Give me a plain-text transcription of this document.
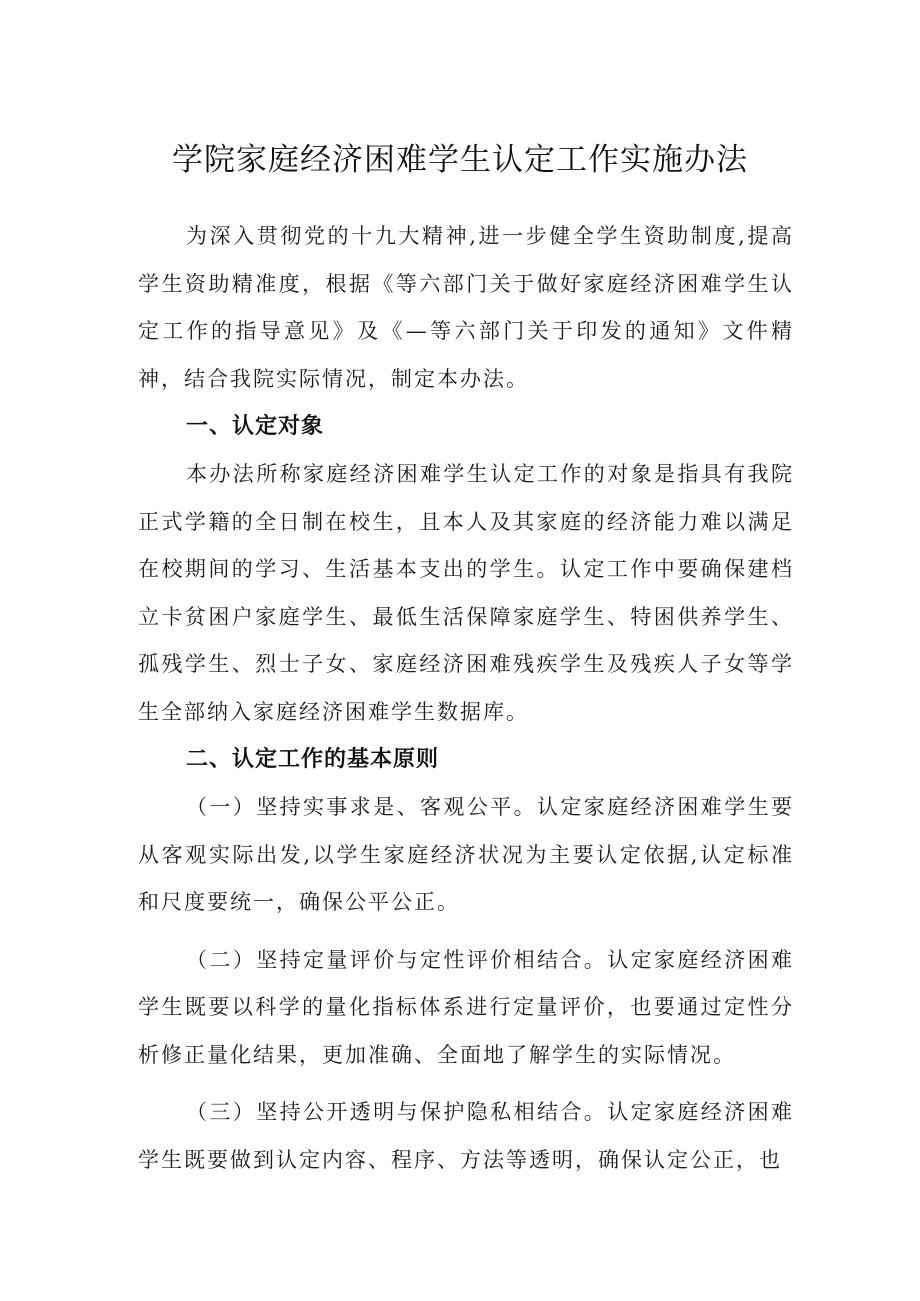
学院家庭经济困难学生认定工作实施办法

为深入贯彻党的十九大精神,进一步健全学生资助制度,提高学生资助精准度，根据《等六部门关于做好家庭经济困难学生认定工作的指导意见》及《—等六部门关于印发的通知》文件精神，结合我院实际情况，制定本办法。

一、认定对象

本办法所称家庭经济困难学生认定工作的对象是指具有我院正式学籍的全日制在校生，且本人及其家庭的经济能力难以满足在校期间的学习、生活基本支出的学生。认定工作中要确保建档立卡贫困户家庭学生、最低生活保障家庭学生、特困供养学生、孤残学生、烈士子女、家庭经济困难残疾学生及残疾人子女等学生全部纳入家庭经济困难学生数据库。

二、认定工作的基本原则

（一）坚持实事求是、客观公平。认定家庭经济困难学生要从客观实际出发,以学生家庭经济状况为主要认定依据,认定标准和尺度要统一，确保公平公正。

（二）坚持定量评价与定性评价相结合。认定家庭经济困难学生既要以科学的量化指标体系进行定量评价，也要通过定性分析修正量化结果，更加准确、全面地了解学生的实际情况。

（三）坚持公开透明与保护隐私相结合。认定家庭经济困难学生既要做到认定内容、程序、方法等透明，确保认定公正，也
